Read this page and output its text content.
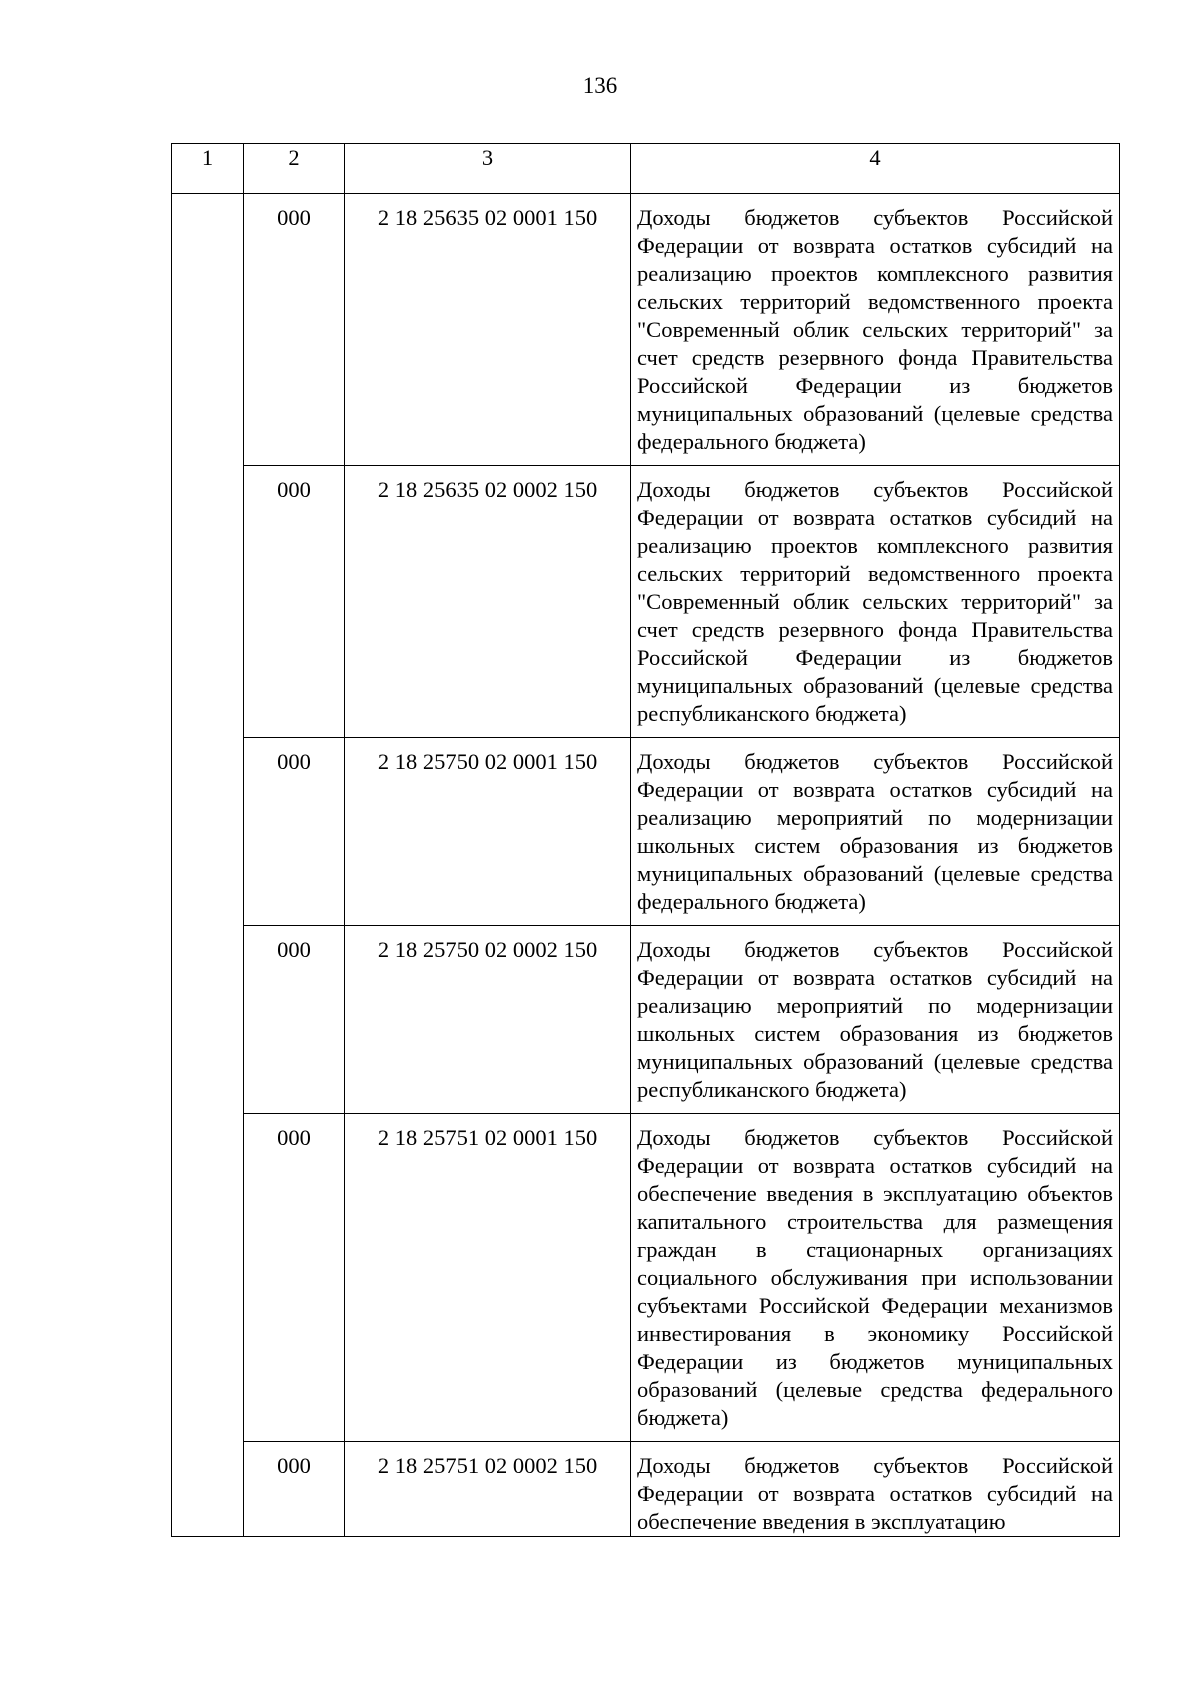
136
1	2	3	4
	000	2 18 25635 02 0001 150	Доходы бюджетов субъектов Российской Федерации от возврата остатков субсидий на реализацию проектов комплексного развития сельских территорий ведомственного проекта "Современный облик сельских территорий" за счет средств резервного фонда Правительства Российской Федерации из бюджетов муниципальных образований (целевые средства федерального бюджета)
	000	2 18 25635 02 0002 150	Доходы бюджетов субъектов Российской Федерации от возврата остатков субсидий на реализацию проектов комплексного развития сельских территорий ведомственного проекта "Современный облик сельских территорий" за счет средств резервного фонда Правительства Российской Федерации из бюджетов муниципальных образований (целевые средства республиканского бюджета)
	000	2 18 25750 02 0001 150	Доходы бюджетов субъектов Российской Федерации от возврата остатков субсидий на реализацию мероприятий по модернизации школьных систем образования из бюджетов муниципальных образований (целевые средства федерального бюджета)
	000	2 18 25750 02 0002 150	Доходы бюджетов субъектов Российской Федерации от возврата остатков субсидий на реализацию мероприятий по модернизации школьных систем образования из бюджетов муниципальных образований (целевые средства республиканского бюджета)
	000	2 18 25751 02 0001 150	Доходы бюджетов субъектов Российской Федерации от возврата остатков субсидий на обеспечение введения в эксплуатацию объектов капитального строительства для размещения граждан в стационарных организациях социального обслуживания при использовании субъектами Российской Федерации механизмов инвестирования в экономику Российской Федерации из бюджетов муниципальных образований (целевые средства федерального бюджета)
	000	2 18 25751 02 0002 150	Доходы бюджетов субъектов Российской Федерации от возврата остатков субсидий на обеспечение введения в эксплуатацию
